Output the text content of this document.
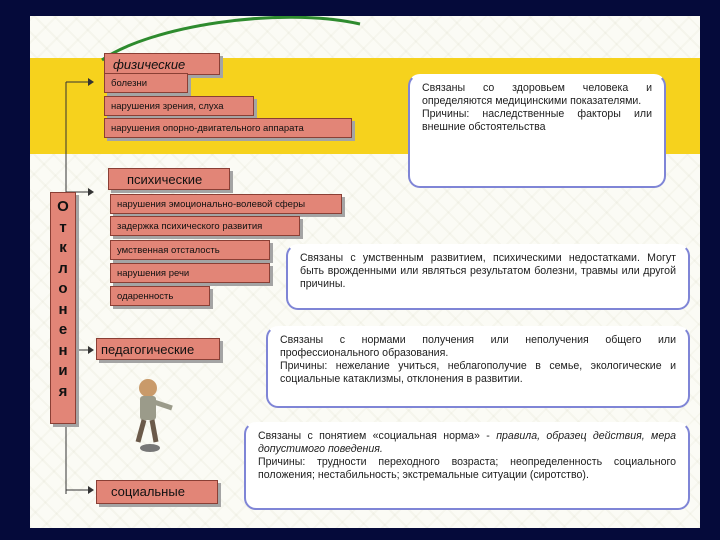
физические
болезни
нарушения зрения, слуха
нарушения опорно-двигательного аппарата
психические
нарушения эмоционально-волевой сферы
задержка психического развития
умственная отсталость
нарушения речи
одаренность
педагогические
социальные
О
т
к
л
о
н
е
н
и
я

Связаны со здоровьем человека и определяются медицинскими показателями.

Причины: наследственные факторы или внешние обстоятельства

Связаны с умственным развитием, психическими недостатками. Могут быть врожденными или являться результатом болезни, травмы или другой причины.

Связаны с нормами получения или неполучения общего или профессионального образования.

Причины: нежелание учиться, неблагополучие в семье, экологические и социальные катаклизмы, отклонения в развитии.

Связаны с понятием «социальная норма» - правила, образец действия, мера допустимого поведения.

Причины: трудности переходного возраста; неопределенность социального положения; нестабильность; экстремальные ситуации (сиротство).
